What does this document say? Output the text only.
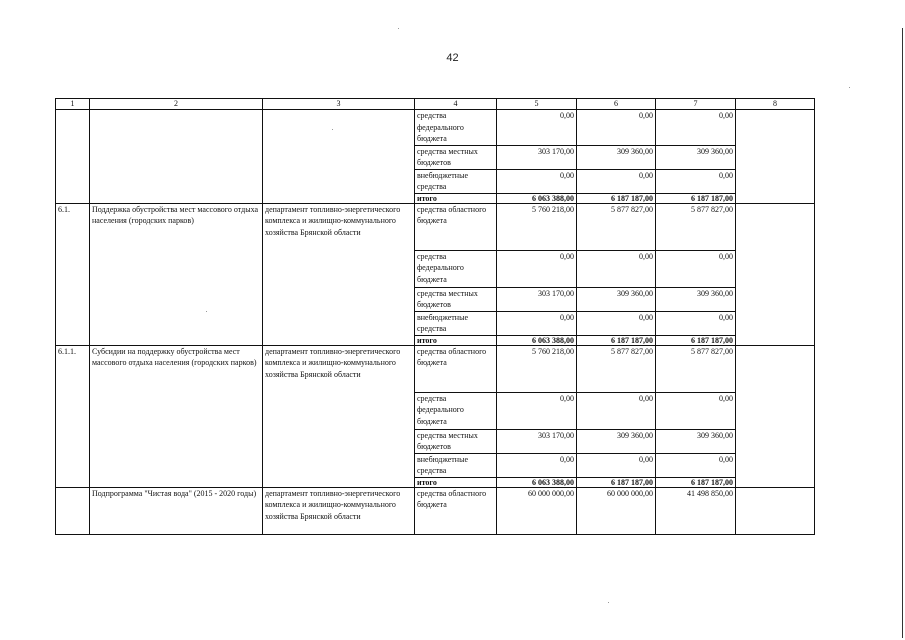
42
1	2	3	4	5	6	7	8
			средства федерального бюджета	0,00	0,00	0,00	
			средства местных бюджетов	303 170,00	309 360,00	309 360,00	
			внебюджетные средства	0,00	0,00	0,00	
			итого	6 063 388,00	6 187 187,00	6 187 187,00	
6.1.	Поддержка обустройства мест массового отдыха населения (городских парков)	департамент топливно-энергетического комплекса и жилищно-коммунального хозяйства Брянской области	средства областного бюджета	5 760 218,00	5 877 827,00	5 877 827,00	
			средства федерального бюджета	0,00	0,00	0,00	
			средства местных бюджетов	303 170,00	309 360,00	309 360,00	
			внебюджетные средства	0,00	0,00	0,00	
			итого	6 063 388,00	6 187 187,00	6 187 187,00	
6.1.1.	Субсидии на поддержку обустройства мест массового отдыха населения (городских парков)	департамент топливно-энергетического комплекса и жилищно-коммунального хозяйства Брянской области	средства областного бюджета	5 760 218,00	5 877 827,00	5 877 827,00	
			средства федерального бюджета	0,00	0,00	0,00	
			средства местных бюджетов	303 170,00	309 360,00	309 360,00	
			внебюджетные средства	0,00	0,00	0,00	
			итого	6 063 388,00	6 187 187,00	6 187 187,00	
	Подпрограмма "Чистая вода" (2015 - 2020 годы)	департамент топливно-энергетического комплекса и жилищно-коммунального хозяйства Брянской области	средства областного бюджета	60 000 000,00	60 000 000,00	41 498 850,00	
